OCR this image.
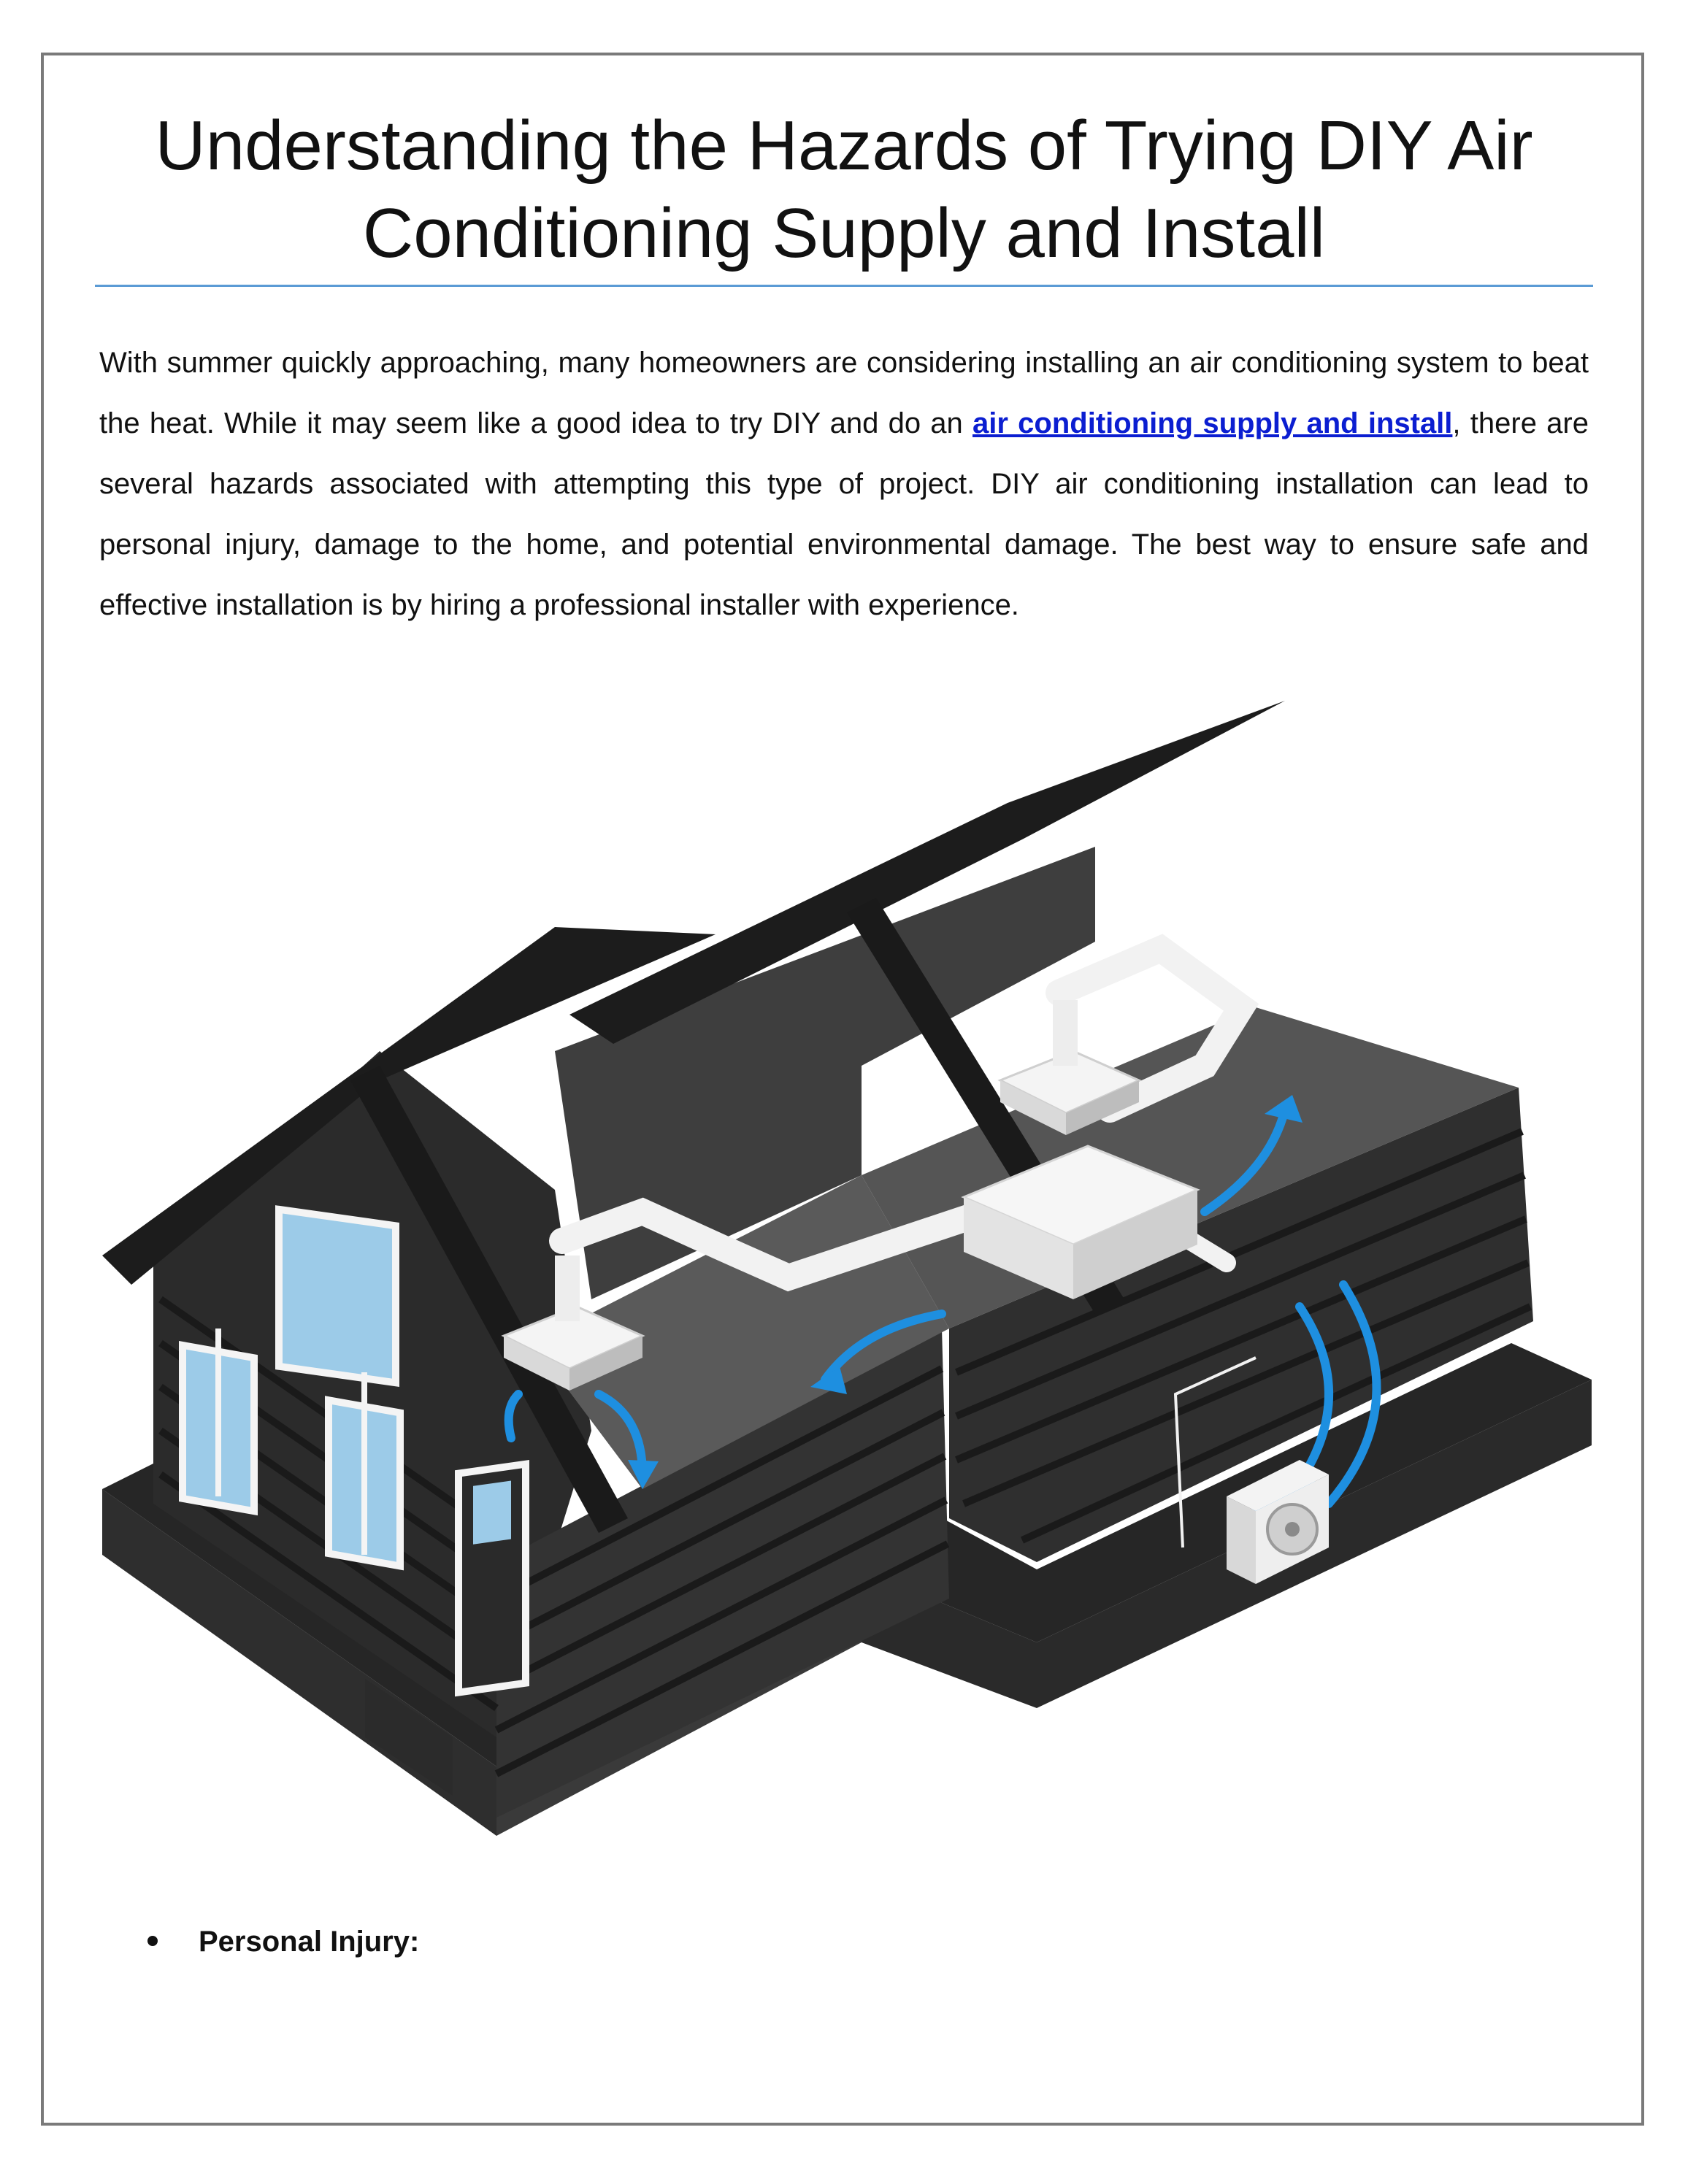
Understanding the Hazards of Trying DIY Air Conditioning Supply and Install

With summer quickly approaching, many homeowners are considering installing an air conditioning system to beat the heat. While it may seem like a good idea to try DIY and do an air conditioning supply and install, there are several hazards associated with attempting this type of project. DIY air conditioning installation can lead to personal injury, damage to the home, and potential environmental damage. The best way to ensure safe and effective installation is by hiring a professional installer with experience.

Personal Injury:
